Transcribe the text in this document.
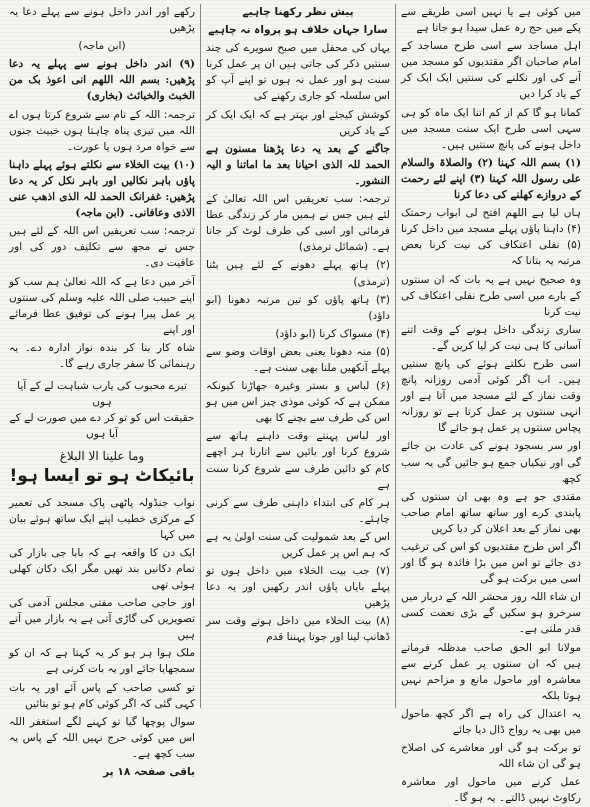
میں کوئی ہے یا نہیں اسی طریقے سے پکے میں حج رہ عمل سیدا ہو جاتا ہے

اہل مساجد سے اسی طرح مساجد کے امام صاحبان اگر مقتدیوں کو مسجد میں آنے کی اور نکلنے کی سنتیں ایک ایک کر کے یاد کرا دیں

کمانا ہو گا کم از کم اتنا ایک ماہ کو ہی سہی اسی طرح ایک سنت مسجد میں داخل ہونے کی پانچ سنتیں ہیں۔

(۱) بسم اللہ کہنا (۲) والصلاۃ والسلام علی رسول اللہ کہنا (۳) اپنے لئے رحمت کے دروازے کھلنے کی دعا کرنا

ہاں لیا ہے اللھم افتح لی ابواب رحمتک (۴) داہنا پاؤں پہلے مسجد میں داخل کرنا (۵) نفلی اعتکاف کی نیت کرنا بعض مرتبہ یہ بتانا کہ

وہ صحیح نہیں ہے یہ بات کہ ان سنتوں کے بارے میں اسی طرح نفلی اعتکاف کی نیت کرنا

ساری زندگی داخل ہونے کے وقت اتنے آسانی کا ہی نیت کر لیا کریں گے۔

اسی طرح نکلتے ہوئے کی پانچ سنتیں ہیں۔ اب اگر کوئی آدمی روزانہ پانچ وقت نماز کے لئے مسجد میں آتا ہے اور انہی سنتوں پر عمل کرتا ہے تو روزانہ پچاس سنتوں پر عمل ہو جائے گا

اور سر بسجود ہونے کی عادت بن جائے گی اور نیکیاں جمع ہو جائیں گی یہ سب کچھ

مقتدی جو ہے وہ بھی ان سنتوں کی پابندی کرے اور ساتھ ساتھ امام صاحب بھی نماز کے بعد اعلان کر دیا کریں

اگر اس طرح مقتدیوں کو اس کی ترغیب دی جائے تو اس میں بڑا فائدہ ہو گا اور اسی میں برکت ہو گی

ان شاء اللہ روز محشر اللہ کے دربار میں سرخرو ہو سکیں گے بڑی نعمت کسی قدر ملتی ہے۔

مولانا ابو الحق صاحب مدظلہ فرماتے ہیں کہ ان سنتوں پر عمل کرنے سے معاشرہ اور ماحول مانع و مزاحم نہیں ہوتا بلکہ

یہ اعتدال کی راہ ہے اگر کچھ ماحول میں بھی یہ رواج ڈال دیا جائے

تو برکت ہو گی اور معاشرے کی اصلاح ہو گی ان شاء اللہ

عمل کرنے میں ماحول اور معاشرہ رکاوٹ نہیں ڈالتے۔ یہ ہو گا۔

پیش نظر رکھنا چاہیے

سارا جہان خلاف ہو پرواہ نہ چاہیے

یہاں کی محفل میں صبح سویرے کی چند سنتیں ذکر کی جاتی ہیں ان پر عمل کرنا سنت ہو اور عمل نہ ہوں تو اپنے آپ کو اس سلسلہ کو جاری رکھنے کی

کوشش کیجئے اور بہتر ہے کہ ایک ایک کر کے یاد کریں

جاگنے کے بعد یہ دعا پڑھنا مسنون ہے الحمد للہ الذی احیانا بعد ما اماتنا و الیہ النشور۔

ترجمہ: سب تعریفیں اس اللہ تعالیٰ کے لئے ہیں جس نے ہمیں مار کر زندگی عطا فرمائی اور اسی کی طرف لوٹ کر جانا ہے۔ (شمائل ترمذی)

(۲) ہاتھ پہلے دھونے کے لئے ہیں بٹنا (ترمذی)

(۳) ہاتھ پاؤں کو تین مرتبہ دھونا (ابو داؤد)

(۴) مسواک کرنا (ابو داؤد)

(۵) منہ دھونا یعنی بعض اوقات وضو سے پہلے آنکھیں ملنا بھی سنت ہے۔

(۶) لباس و بستر وغیرہ جھاڑنا کیونکہ ممکن ہے کہ کوئی موذی چیز اس میں ہو اس کی طرف سے بچنے کا بھی

اور لباس پہنتے وقت داہنے ہاتھ سے شروع کرنا اور بائیں سے اتارنا ہر اچھے کام کو دائیں طرف سے شروع کرنا سنت ہے

ہر کام کی ابتداء داہنی طرف سے کرنی چاہئے۔

اس کے بعد شمولیت کی سنت اولیٰ یہ ہے کہ ہم اس پر عمل کریں

(۷) جب بیت الخلاء میں داخل ہوں تو پہلے بایاں پاؤں اندر رکھیں اور یہ دعا پڑھیں

(۸) بیت الخلاء میں داخل ہوتے وقت سر ڈھانپ لینا اور جوتا پہننا قدم

رکھے اور اندر داخل ہونے سے پہلے دعا یہ پڑھیں

(ابن ماجہ)

(۹) اندر داخل ہونے سے پہلے یہ دعا پڑھیں: بسم اللہ اللھم انی اعوذ بک من الخبث والخبائث (بخاری)

ترجمہ: اللہ کے نام سے شروع کرتا ہوں اے اللہ میں تیری پناہ چاہتا ہوں خبیث جنوں سے خواہ مرد ہوں یا عورت۔

(۱۰) بیت الخلاء سے نکلتے ہوئے پہلے داہنا پاؤں باہر نکالیں اور باہر نکل کر یہ دعا پڑھیں: غفرانک الحمد للہ الذی اذھب عنی الاذی وعافانی۔ (ابن ماجہ)

ترجمہ: سب تعریفیں اس اللہ کے لئے ہیں جس نے مجھ سے تکلیف دور کی اور عافیت دی۔

آخر میں دعا ہے کہ اللہ تعالیٰ ہم سب کو اپنے حبیب صلی اللہ علیہ وسلم کی سنتوں پر عمل پیرا ہونے کی توفیق عطا فرمائے اور اپنے

شاہ کار بنا کر بندہ نواز ادارہ دے۔ یہ رہنمائی کا سفر جاری رہے گا۔

تیرے محبوب کی یارب شباہت لے کے آیا ہوں
حقیقت اس کو تو کر دے میں صورت لے کے آیا ہوں
وما علینا الا البلاغ
بائیکاٹ ہو تو ایسا ہو!

نواب جنڈولہ پاٹھی پاک مسجد کی تعمیر کے مرکزی خطیب اپنے ایک ساتھ ہوئے بیان میں کہا

ایک دن کا واقعہ ہے کہ بابا جی بازار کی تمام دکانیں بند تھیں مگر ایک دکان کھلی ہوئی تھی

اور حاجی صاحب مفتی مجلس آدمی کی تصویریں کی گاڑی آتی ہے یہ بازار میں آتے ہیں

ملک ہوا ہر ہو کر یہ کہتا ہے کہ ان کو سمجھایا جائے اور یہ بات کرنی ہے

تو کسی صاحب کے پاس آئے اور یہ بات کہی گئی کہ اگر کوئی کام ہو تو بتائیں

سوال پوچھا گیا تو کہنے لگے استغفر اللہ اس میں کوئی حرج نہیں اللہ کے پاس یہ سب کچھ ہے۔

باقی صفحہ ۱۸ پر
